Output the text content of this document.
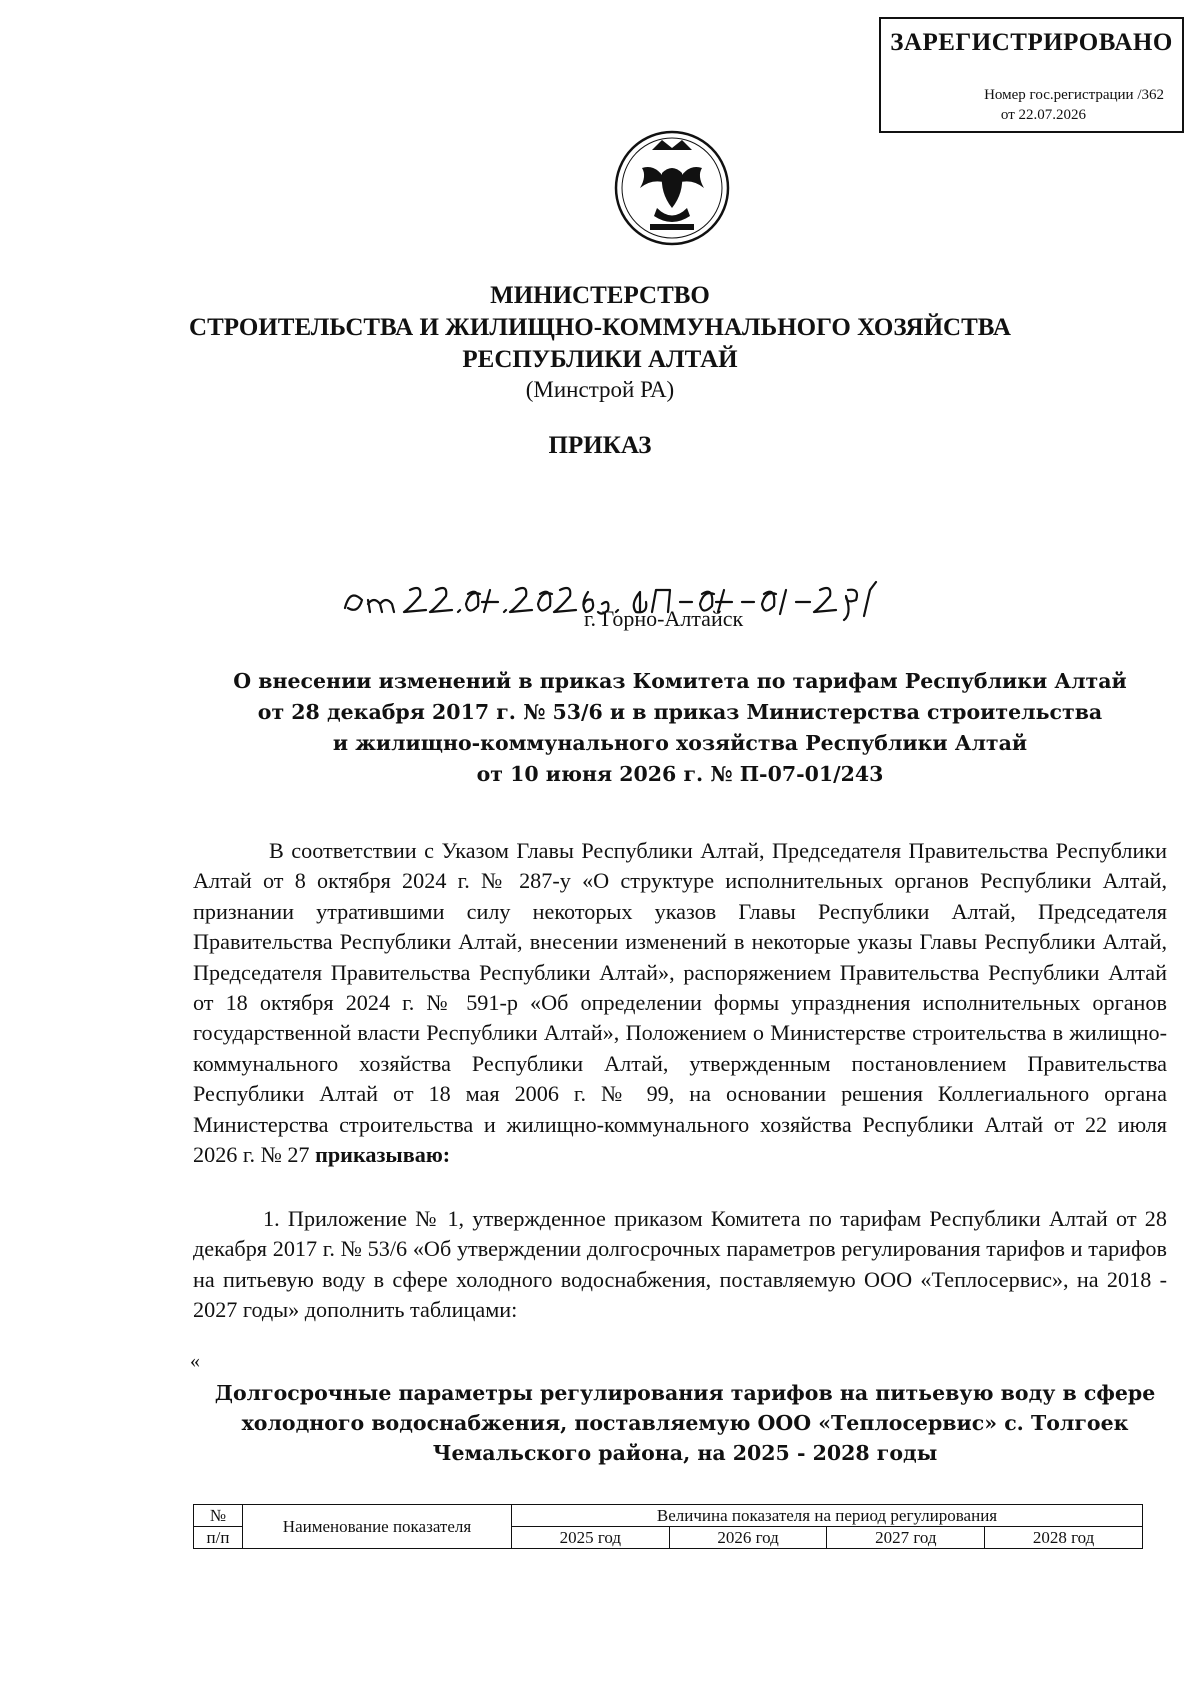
ЗАРЕГИСТРИРОВАНО
Номер гос.регистрации /362
от 22.07.2026
МИНИСТЕРСТВО
СТРОИТЕЛЬСТВА И ЖИЛИЩНО-КОММУНАЛЬНОГО ХОЗЯЙСТВА
РЕСПУБЛИКИ АЛТАЙ
(Минстрой РА)
ПРИКАЗ
г. Горно-Алтайск
О внесении изменений в приказ Комитета по тарифам Республики Алтай
от 28 декабря 2017 г. № 53/6 и в приказ Министерства строительства
и жилищно-коммунального хозяйства Республики Алтай
от 10 июня 2026 г. № П-07-01/243
В соответствии с Указом Главы Республики Алтай, Председателя Правительства Республики Алтай от 8 октября 2024 г. № 287-у «О структуре исполнительных органов Республики Алтай, признании утратившими силу некоторых указов Главы Республики Алтай, Председателя Правительства Республики Алтай, внесении изменений в некоторые указы Главы Республики Алтай, Председателя Правительства Республики Алтай», распоряжением Правительства Республики Алтай от 18 октября 2024 г. № 591-р «Об определении формы упразднения исполнительных органов государственной власти Республики Алтай», Положением о Министерстве строительства в жилищно-коммунального хозяйства Республики Алтай, утвержденным постановлением Правительства Республики Алтай от 18 мая 2006 г. № 99, на основании решения Коллегиального органа Министерства строительства и жилищно-коммунального хозяйства Республики Алтай от 22 июля 2026 г. № 27 приказываю:
1. Приложение № 1, утвержденное приказом Комитета по тарифам Республики Алтай от 28 декабря 2017 г. № 53/6 «Об утверждении долгосрочных параметров регулирования тарифов и тарифов на питьевую воду в сфере холодного водоснабжения, поставляемую ООО «Теплосервис», на 2018 - 2027 годы» дополнить таблицами:
«
Долгосрочные параметры регулирования тарифов на питьевую воду в сфере
холодного водоснабжения, поставляемую ООО «Теплосервис» с. Толгоек
Чемальского района, на 2025 - 2028 годы
№	Наименование показателя	Величина показателя на период регулирования			
п/п		2025 год	2026 год	2027 год	2028 год
